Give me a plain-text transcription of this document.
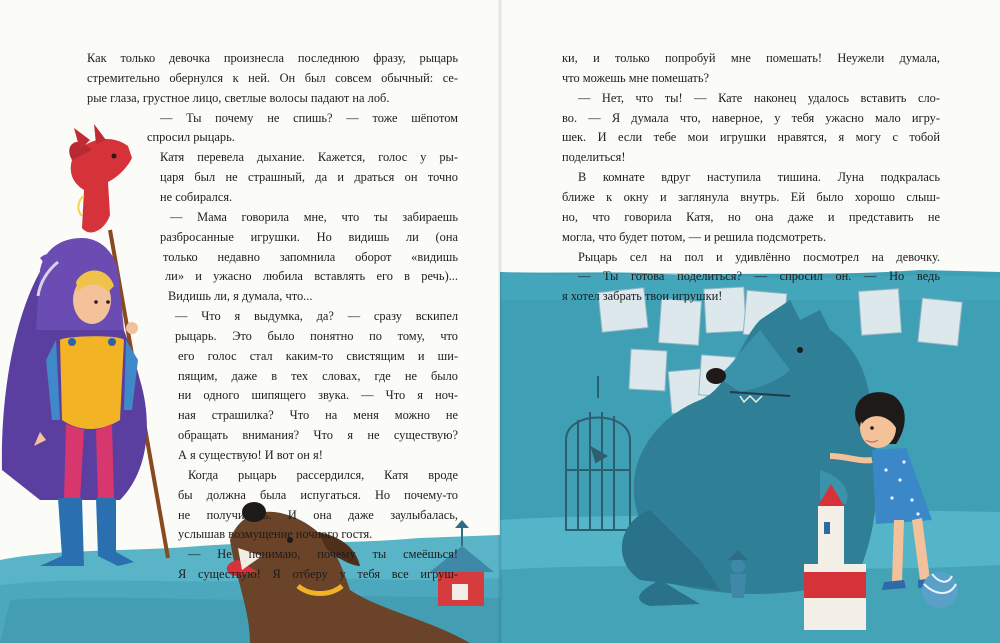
Как только девочка произнесла последнюю фразу, рыцарь
стремительно обернулся к ней. Он был совсем обычный: се-
рые глаза, грустное лицо, светлые волосы падают на лоб.
— Ты почему не спишь? — тоже шёпотом
спросил рыцарь.
Катя перевела дыхание. Кажется, голос у ры-
царя был не страшный, да и драться он точно
не собирался.
— Мама говорила мне, что ты забираешь
разбросанные игрушки. Но видишь ли (она
только недавно запомнила оборот «видишь
ли» и ужасно любила вставлять его в речь)...
Видишь ли, я думала, что...
— Что я выдумка, да? — сразу вскипел
рыцарь. Это было понятно по тому, что
его голос стал каким-то свистящим и ши-
пящим, даже в тех словах, где не было
ни одного шипящего звука. — Что я ноч-
ная страшилка? Что на меня можно не
обращать внимания? Что я не существую?
А я существую! И вот он я!
Когда рыцарь рассердился, Катя вроде
бы должна была испугаться. Но почему-то
не получилось. И она даже заулыбалась,
услышав возмущение ночного гостя.
— Не понимаю, почему ты смеёшься!
Я существую! Я отберу у тебя все игруш-
ки, и только попробуй мне помешать! Неужели думала,
что можешь мне помешать?
— Нет, что ты! — Кате наконец удалось вставить сло-
во. — Я думала что, наверное, у тебя ужасно мало игру-
шек. И если тебе мои игрушки нравятся, я могу с тобой
поделиться!
В комнате вдруг наступила тишина. Луна подкралась
ближе к окну и заглянула внутрь. Ей было хорошо слыш-
но, что говорила Катя, но она даже и представить не
могла, что будет потом, — и решила подсмотреть.
Рыцарь сел на пол и удивлённо посмотрел на девочку.
— Ты готова поделиться? — спросил он. — Но ведь
я хотел забрать твои игрушки!
